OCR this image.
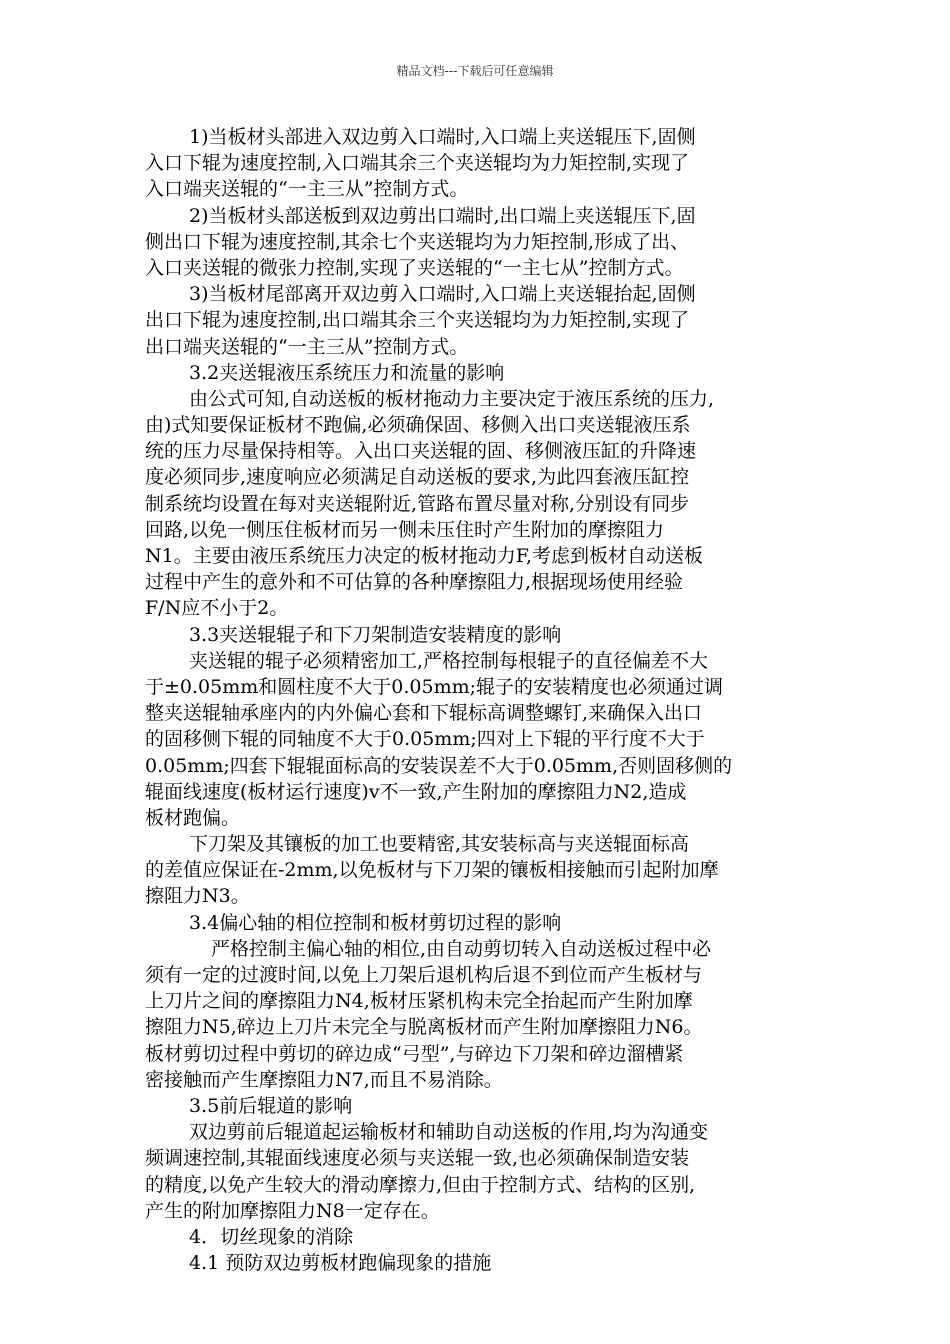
精品文档---下载后可任意编辑
1)当板材头部进入双边剪入口端时,入口端上夹送辊压下,固侧
入口下辊为速度控制,入口端其余三个夹送辊均为力矩控制,实现了
入口端夹送辊的“一主三从”控制方式。
2)当板材头部送板到双边剪出口端时,出口端上夹送辊压下,固
侧出口下辊为速度控制,其余七个夹送辊均为力矩控制,形成了出、
入口夹送辊的微张力控制,实现了夹送辊的“一主七从”控制方式。
3)当板材尾部离开双边剪入口端时,入口端上夹送辊抬起,固侧
出口下辊为速度控制,出口端其余三个夹送辊均为力矩控制,实现了
出口端夹送辊的“一主三从”控制方式。
3.2夹送辊液压系统压力和流量的影响
由公式可知,自动送板的板材拖动力主要决定于液压系统的压力,
由)式知要保证板材不跑偏,必须确保固、移侧入出口夹送辊液压系
统的压力尽量保持相等。入出口夹送辊的固、移侧液压缸的升降速
度必须同步,速度响应必须满足自动送板的要求,为此四套液压缸控
制系统均设置在每对夹送辊附近,管路布置尽量对称,分别设有同步
回路,以免一侧压住板材而另一侧未压住时产生附加的摩擦阻力
N1。主要由液压系统压力决定的板材拖动力F,考虑到板材自动送板
过程中产生的意外和不可估算的各种摩擦阻力,根据现场使用经验
F/N应不小于2。
3.3夹送辊辊子和下刀架制造安装精度的影响
夹送辊的辊子必须精密加工,严格控制每根辊子的直径偏差不大
于±0.05mm和圆柱度不大于0.05mm;辊子的安装精度也必须通过调
整夹送辊轴承座内的内外偏心套和下辊标高调整螺钉,来确保入出口
的固移侧下辊的同轴度不大于0.05mm;四对上下辊的平行度不大于
0.05mm;四套下辊辊面标高的安装误差不大于0.05mm,否则固移侧的
辊面线速度(板材运行速度)v不一致,产生附加的摩擦阻力N2,造成
板材跑偏。
下刀架及其镶板的加工也要精密,其安装标高与夹送辊面标高
的差值应保证在-2mm,以免板材与下刀架的镶板相接触而引起附加摩
擦阻力N3。
3.4偏心轴的相位控制和板材剪切过程的影响
严格控制主偏心轴的相位,由自动剪切转入自动送板过程中必
须有一定的过渡时间,以免上刀架后退机构后退不到位而产生板材与
上刀片之间的摩擦阻力N4,板材压紧机构未完全抬起而产生附加摩
擦阻力N5,碎边上刀片未完全与脱离板材而产生附加摩擦阻力N6。
板材剪切过程中剪切的碎边成“弓型”,与碎边下刀架和碎边溜槽紧
密接触而产生摩擦阻力N7,而且不易消除。
3.5前后辊道的影响
双边剪前后辊道起运输板材和辅助自动送板的作用,均为沟通变
频调速控制,其辊面线速度必须与夹送辊一致,也必须确保制造安装
的精度,以免产生较大的滑动摩擦力,但由于控制方式、结构的区别,
产生的附加摩擦阻力N8一定存在。
4．切丝现象的消除
4.1 预防双边剪板材跑偏现象的措施
